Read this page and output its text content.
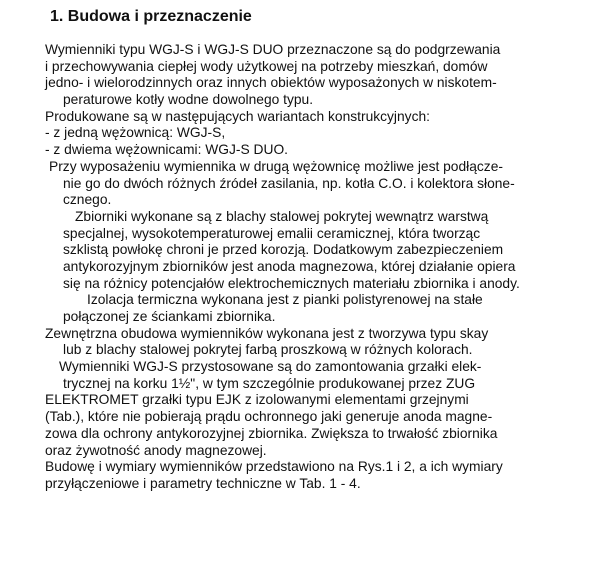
1. Budowa i przeznaczenie
Wymienniki typu WGJ-S i WGJ-S DUO przeznaczone są do podgrzewania
i przechowywania ciepłej wody użytkowej na potrzeby mieszkań, domów
jedno- i wielorodzinnych oraz innych obiektów wyposażonych w niskotem-
peraturowe kotły wodne dowolnego typu.
Produkowane są w następujących wariantach konstrukcyjnych:
- z jedną wężownicą: WGJ-S,
- z dwiema wężownicami: WGJ-S DUO.
Przy wyposażeniu wymiennika w drugą wężownicę możliwe jest podłącze-
nie go do dwóch różnych źródeł zasilania, np. kotła C.O. i kolektora słone-
cznego.
Zbiorniki wykonane są z blachy stalowej pokrytej wewnątrz warstwą
specjalnej, wysokotemperaturowej emalii ceramicznej, która tworząc
szklistą powłokę chroni je przed korozją. Dodatkowym zabezpieczeniem
antykorozyjnym zbiorników jest anoda magnezowa, której działanie opiera
się na różnicy potencjałów elektrochemicznych materiału zbiornika i anody.
Izolacja termiczna wykonana jest z pianki polistyrenowej na stałe
połączonej ze ściankami zbiornika.
Zewnętrzna obudowa wymienników wykonana jest z tworzywa typu skay
lub z blachy stalowej pokrytej farbą proszkową w różnych kolorach.
Wymienniki WGJ-S przystosowane są do zamontowania grzałki elek-
trycznej na korku 1½", w tym szczególnie produkowanej przez ZUG
ELEKTROMET grzałki typu EJK z izolowanymi elementami grzejnymi
(Tab.), które nie pobierają prądu ochronnego jaki generuje anoda magne-
zowa dla ochrony antykorozyjnej zbiornika. Zwiększa to trwałość zbiornika
oraz żywotność anody magnezowej.
Budowę i wymiary wymienników przedstawiono na Rys.1 i 2, a ich wymiary
przyłączeniowe i parametry techniczne w Tab. 1 - 4.
